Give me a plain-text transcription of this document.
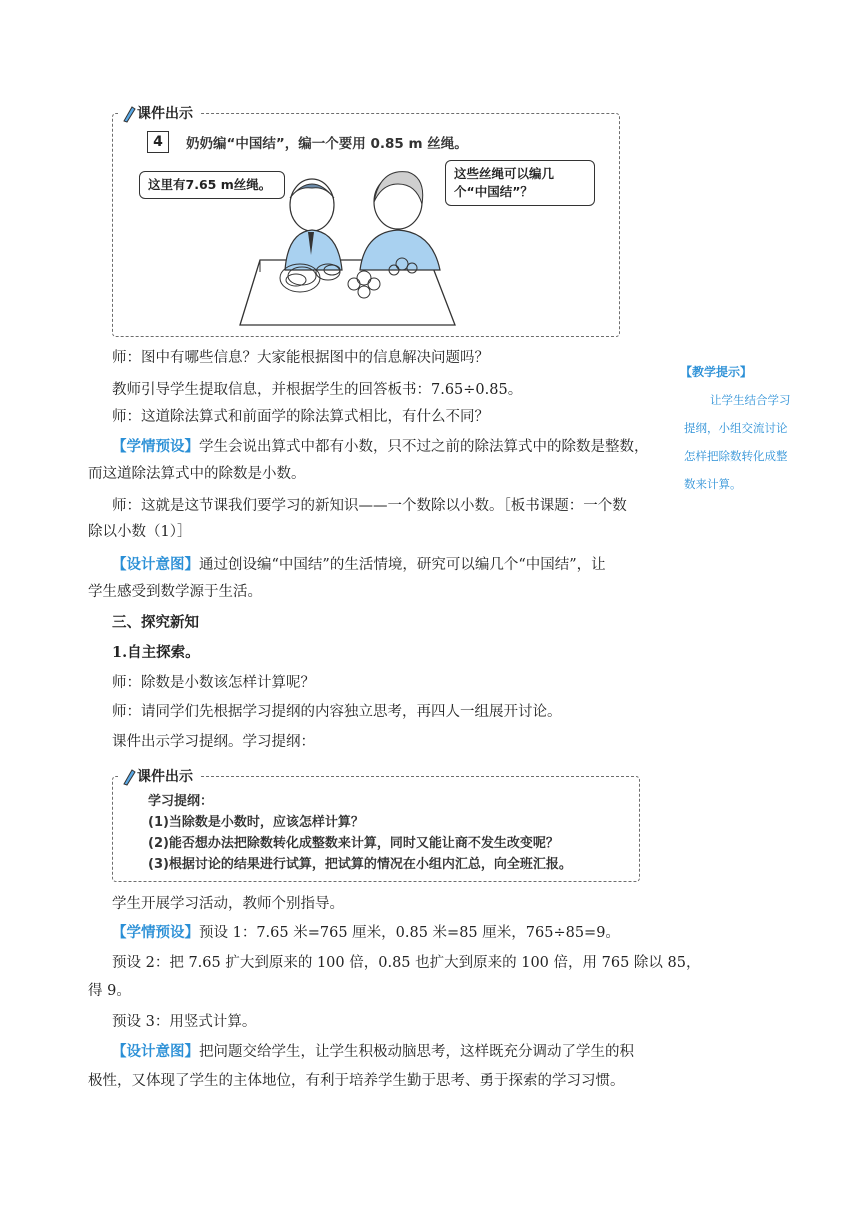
课件出示
4	奶奶编“中国结”，编一个要用 0.85 m 丝绳。
这里有7.65 m丝绳。
这些丝绳可以编几
个“中国结”？
师：图中有哪些信息？大家能根据图中的信息解决问题吗？
教师引导学生提取信息，并根据学生的回答板书：7.65÷0.85。
师：这道除法算式和前面学的除法算式相比，有什么不同？
【学情预设】学生会说出算式中都有小数，只不过之前的除法算式中的除数是整数，
而这道除法算式中的除数是小数。
师：这就是这节课我们要学习的新知识——一个数除以小数。［板书课题：一个数
除以小数（1）］
【设计意图】通过创设编“中国结”的生活情境，研究可以编几个“中国结”，让
学生感受到数学源于生活。
三、探究新知
1.自主探索。
师：除数是小数该怎样计算呢？
师：请同学们先根据学习提纲的内容独立思考，再四人一组展开讨论。
课件出示学习提纲。学习提纲：
课件出示
学习提纲：
(1)当除数是小数时，应该怎样计算？
(2)能否想办法把除数转化成整数来计算，同时又能让商不发生改变呢？
(3)根据讨论的结果进行试算，把试算的情况在小组内汇总，向全班汇报。
学生开展学习活动，教师个别指导。
【学情预设】预设 1：7.65 米=765 厘米，0.85 米=85 厘米，765÷85=9。
预设 2：把 7.65 扩大到原来的 100 倍，0.85 也扩大到原来的 100 倍，用 765 除以 85，
得 9。
预设 3：用竖式计算。
【设计意图】把问题交给学生，让学生积极动脑思考，这样既充分调动了学生的积
极性，又体现了学生的主体地位，有利于培养学生勤于思考、勇于探索的学习习惯。
【教学提示】
让学生结合学习
提纲，小组交流讨论
怎样把除数转化成整
数来计算。
